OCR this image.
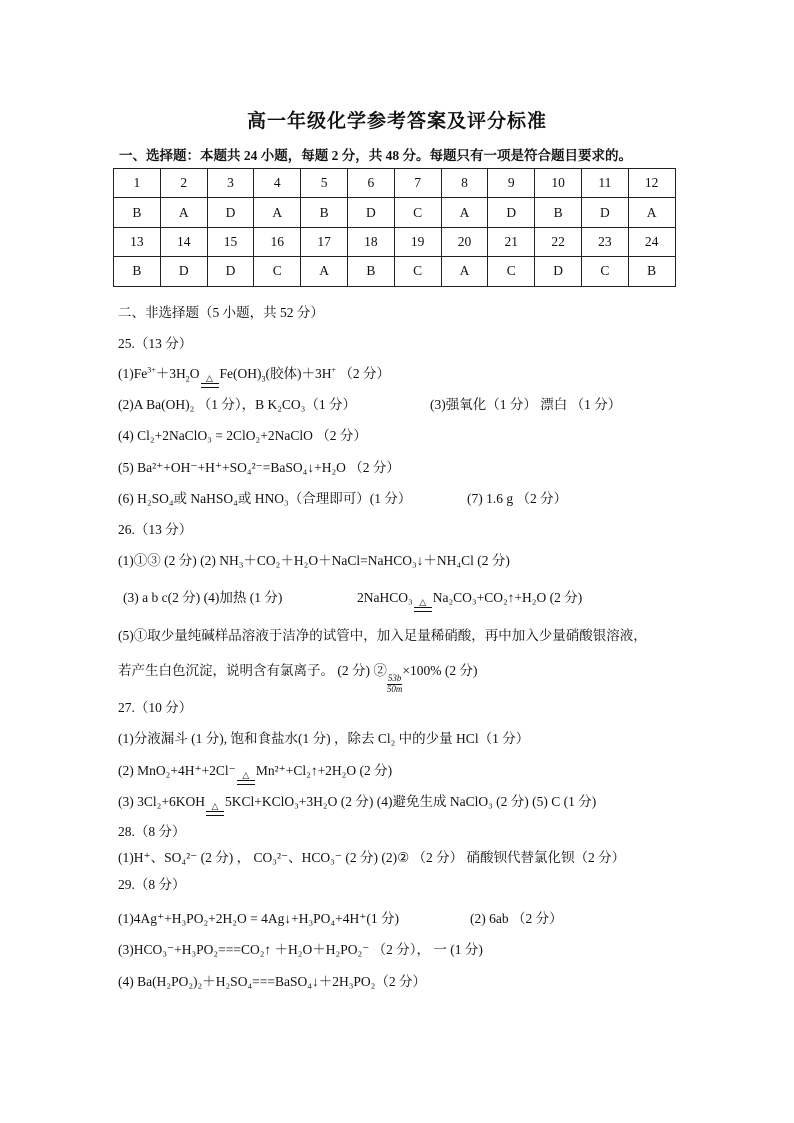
高一年级化学参考答案及评分标准
一、选择题：本题共 24 小题，每题 2 分，共 48 分。每题只有一项是符合题目要求的。
1	2	3	4	5	6	7	8	9	10	11	12
B	A	D	A	B	D	C	A	D	B	D	A
13	14	15	16	17	18	19	20	21	22	23	24
B	D	D	C	A	B	C	A	C	D	C	B
二、非选择题（5 小题，共 52 分）
25.（13 分）
$(1)Fe^{3+}+3H_2O$ △ $Fe(OH)_3$(胶体)＋3H+ （2 分）
(2)A Ba(OH)₂ （1 分），B K₂CO₃（1 分）	(3)强氧化（1 分） 漂白 （1 分）
(4) Cl₂+2NaClO₃ = 2ClO₂+2NaClO （2 分）
(5) Ba²⁺+OH⁻+H⁺+SO₄²⁻=BaSO₄↓+H₂O （2 分）
(6) H₂SO₄或 NaHSO₄或 HNO₃（合理即可）(1 分）	(7) 1.6 g （2 分）
26.（13 分）
(1)①③ (2 分) (2) NH₃＋CO₂＋H₂O＋NaCl=NaHCO₃↓＋NH₄Cl (2 分)
(3) a b c(2 分) (4)加热 (1 分)	2NaHCO₃ △ Na₂CO₃+CO₂↑+H₂O (2 分)
(5)①取少量纯碱样品溶液于洁净的试管中，加入足量稀硝酸，再中加入少量硝酸银溶液，
若产生白色沉淀，说明含有氯离子。 (2 分) ②
$\frac{53b}{50m}$
×100% (2 分)
27.（10 分）
(1)分液漏斗 (1 分), 饱和食盐水(1 分) ，除去 Cl₂ 中的少量 HCl（1 分）
(2) MnO₂+4H⁺+2Cl⁻ △ Mn²⁺+Cl₂↑+2H₂O (2 分)
(3) 3Cl₂+6KOH △ 5KCl+KClO₃+3H₂O (2 分) (4)避免生成 NaClO₃ (2 分) (5) C (1 分)
28.（8 分）
(1)H⁺、SO₄²⁻ (2 分) ， CO₃²⁻、HCO₃⁻ (2 分) (2)② （2 分） 硝酸钡代替氯化钡（2 分）
29.（8 分）
(1)4Ag⁺+H₃PO₂+2H₂O = 4Ag↓+H₃PO₄+4H⁺(1 分)	(2) 6ab （2 分）
(3)HCO₃⁻+H₃PO₂===CO₂↑ ＋H₂O＋H₂PO₂⁻ （2 分）， 一 (1 分)
(4) Ba(H₂PO₂)₂＋H₂SO₄===BaSO₄↓＋2H₃PO₂（2 分）
